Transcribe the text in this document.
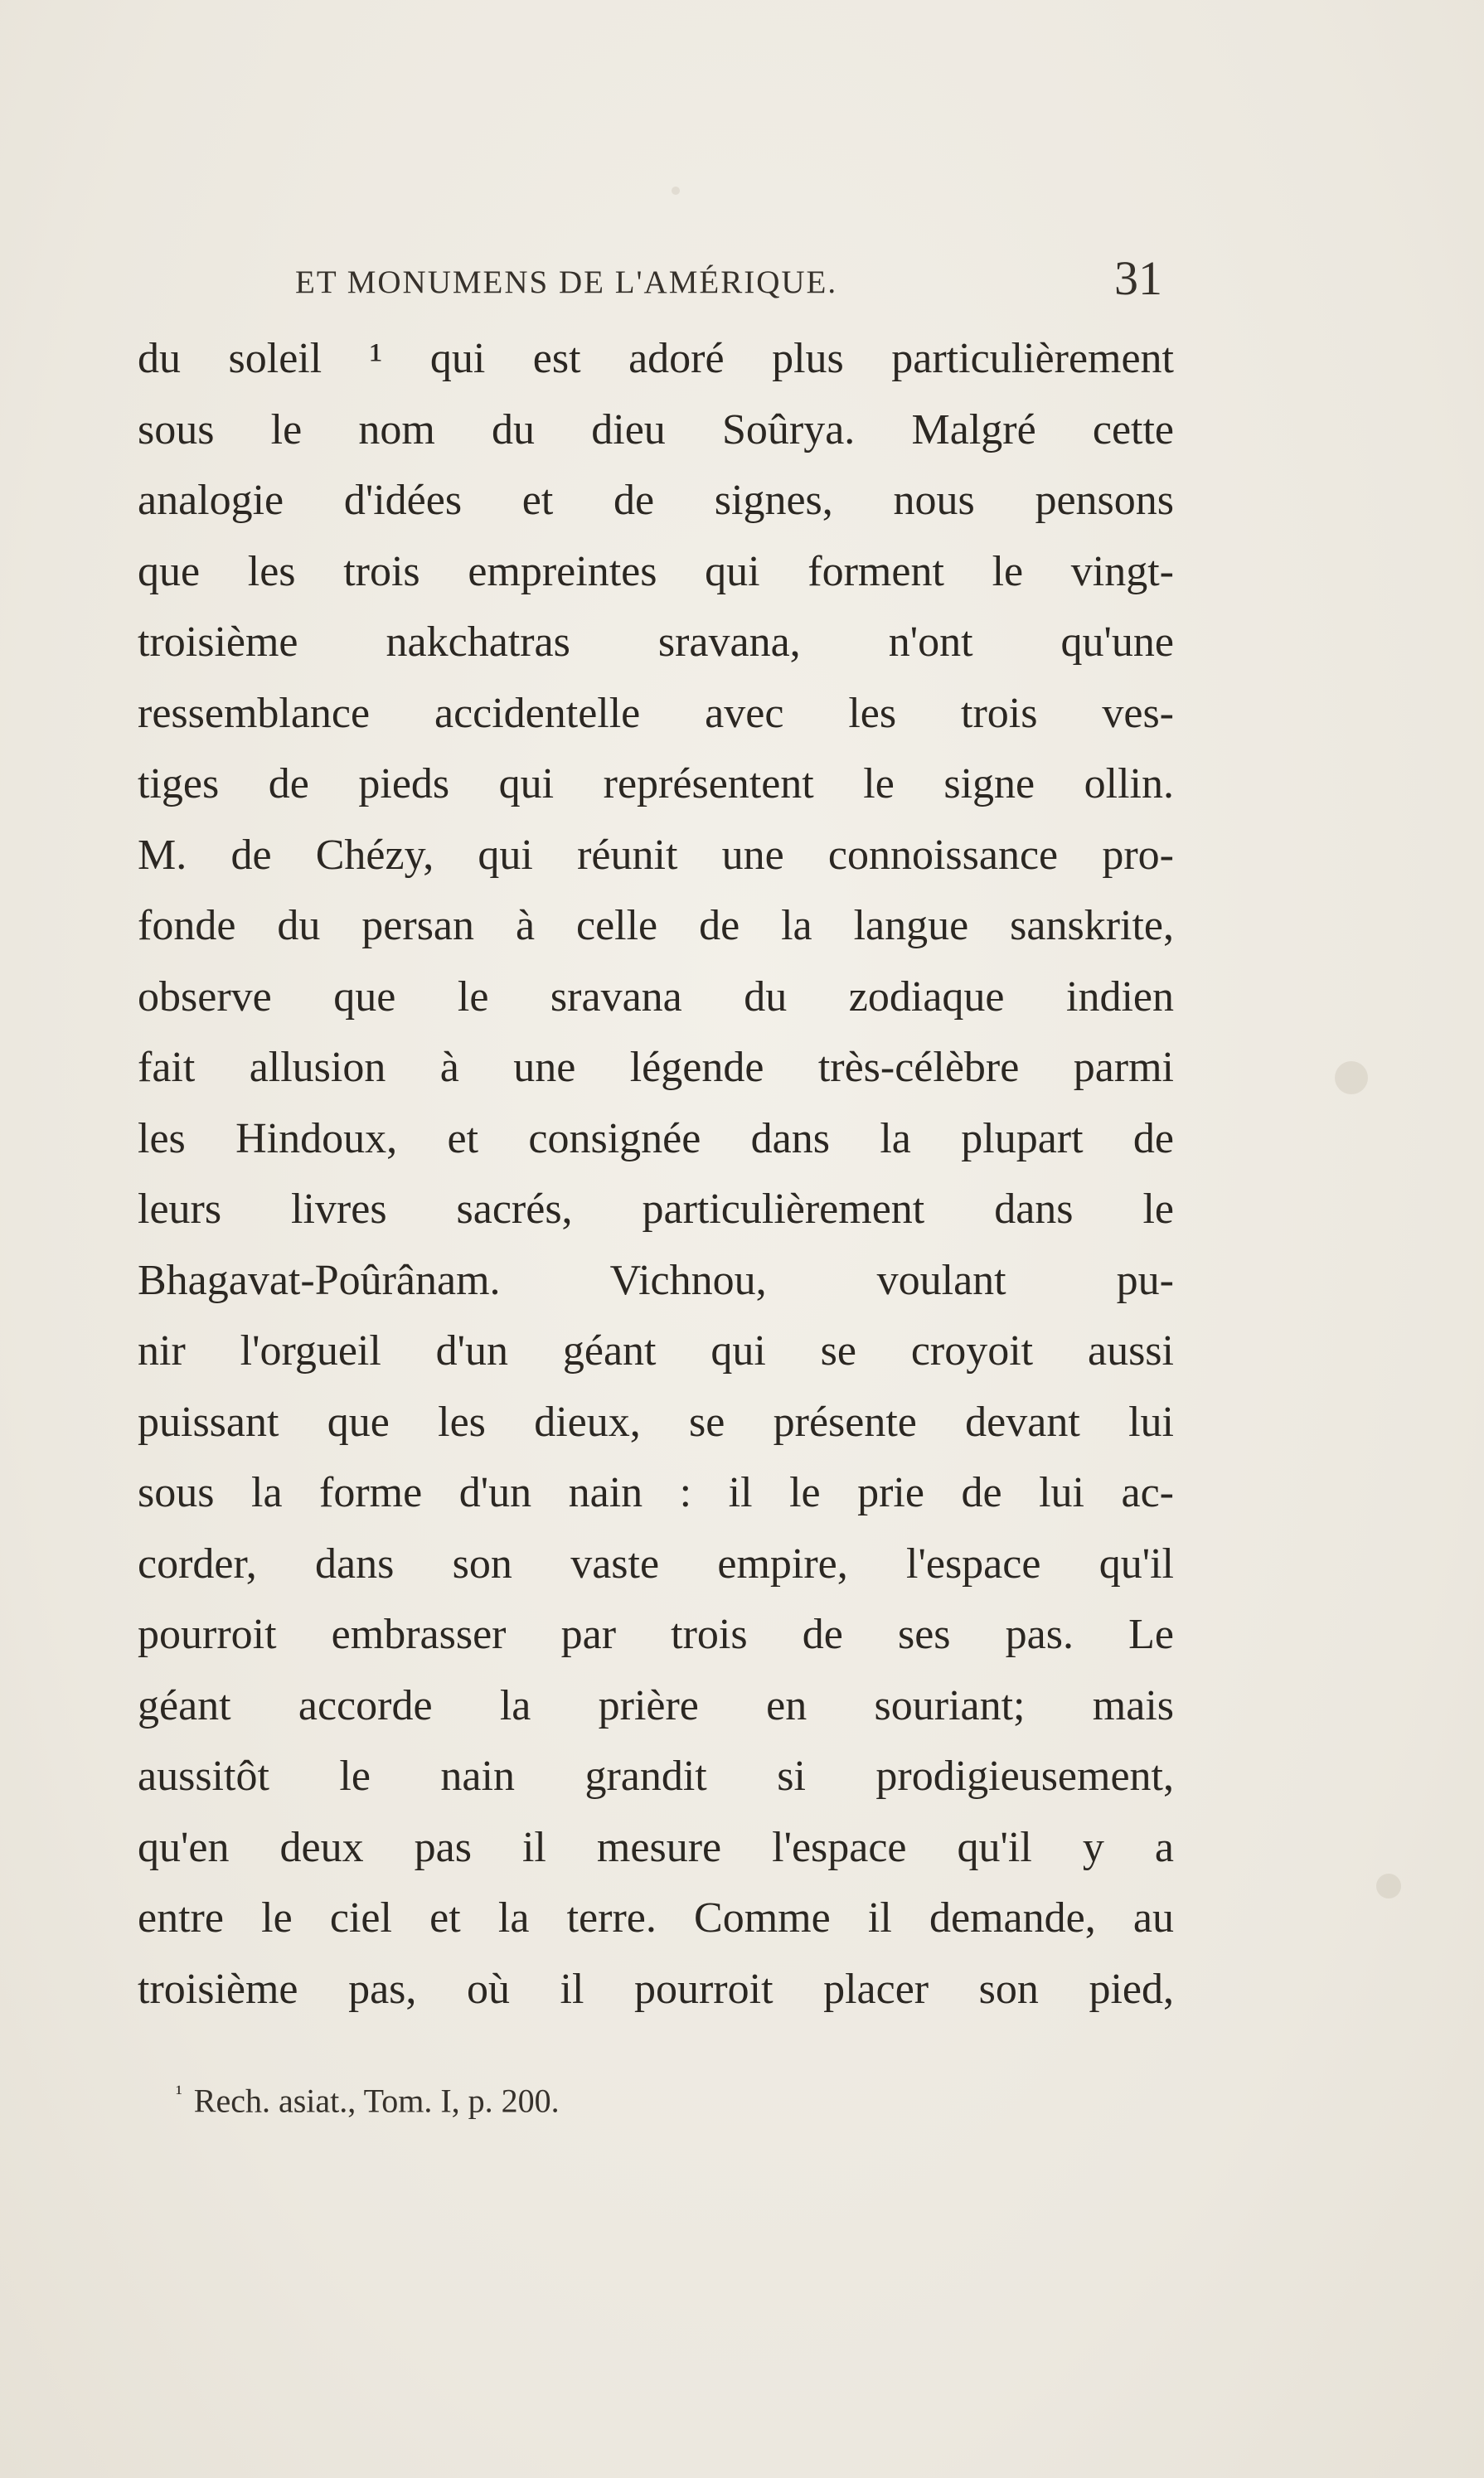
ET MONUMENS DE L'AMÉRIQUE.	31
du soleil ¹ qui est adoré plus particulièrement
sous le nom du dieu Soûrya. Malgré cette
analogie d'idées et de signes, nous pensons
que les trois empreintes qui forment le vingt-
troisième nakchatras sravana, n'ont qu'une
ressemblance accidentelle avec les trois ves-
tiges de pieds qui représentent le signe ollin.
M. de Chézy, qui réunit une connoissance pro-
fonde du persan à celle de la langue sanskrite,
observe que le sravana du zodiaque indien
fait allusion à une légende très-célèbre parmi
les Hindoux, et consignée dans la plupart de
leurs livres sacrés, particulièrement dans le
Bhagavat-Poûrânam. Vichnou, voulant pu-
nir l'orgueil d'un géant qui se croyoit aussi
puissant que les dieux, se présente devant lui
sous la forme d'un nain : il le prie de lui ac-
corder, dans son vaste empire, l'espace qu'il
pourroit embrasser par trois de ses pas. Le
géant accorde la prière en souriant; mais
aussitôt le nain grandit si prodigieusement,
qu'en deux pas il mesure l'espace qu'il y a
entre le ciel et la terre. Comme il demande, au
troisième pas, où il pourroit placer son pied,
$^{^1}$ Rech. asiat., Tom. I, p. 200.
